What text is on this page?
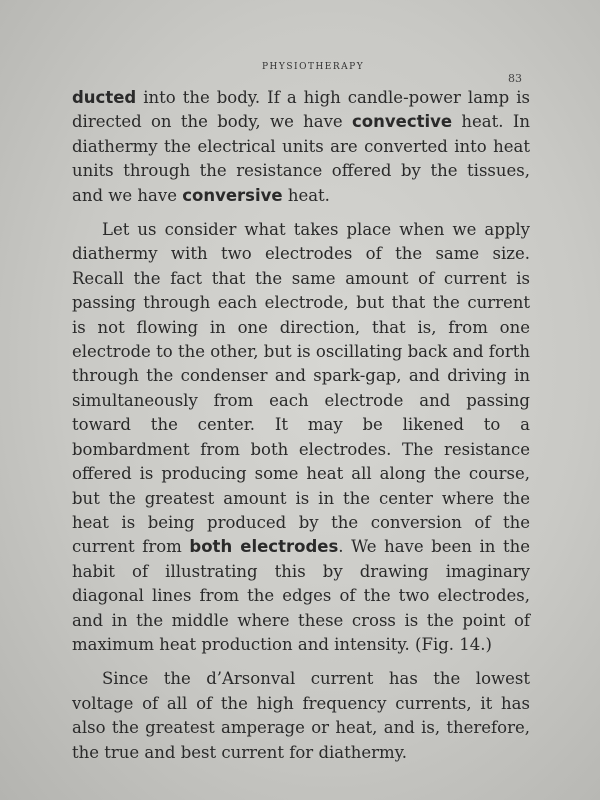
PHYSIOTHERAPY
83

ducted into the body. If a high candle-power lamp is directed on the body, we have convective heat. In diathermy the electrical units are converted into heat units through the resistance offered by the tissues, and we have conversive heat.

Let us consider what takes place when we apply diathermy with two electrodes of the same size. Recall the fact that the same amount of current is passing through each electrode, but that the current is not flowing in one direction, that is, from one electrode to the other, but is oscillating back and forth through the condenser and spark-gap, and driving in simultaneously from each electrode and passing toward the center. It may be likened to a bombardment from both electrodes. The resistance offered is producing some heat all along the course, but the greatest amount is in the center where the heat is being produced by the conversion of the current from both electrodes. We have been in the habit of illustrating this by drawing imaginary diagonal lines from the edges of the two electrodes, and in the middle where these cross is the point of maximum heat production and intensity. (Fig. 14.)

Since the d’Arsonval current has the lowest voltage of all of the high frequency currents, it has also the greatest amperage or heat, and is, therefore, the true and best current for diathermy.
